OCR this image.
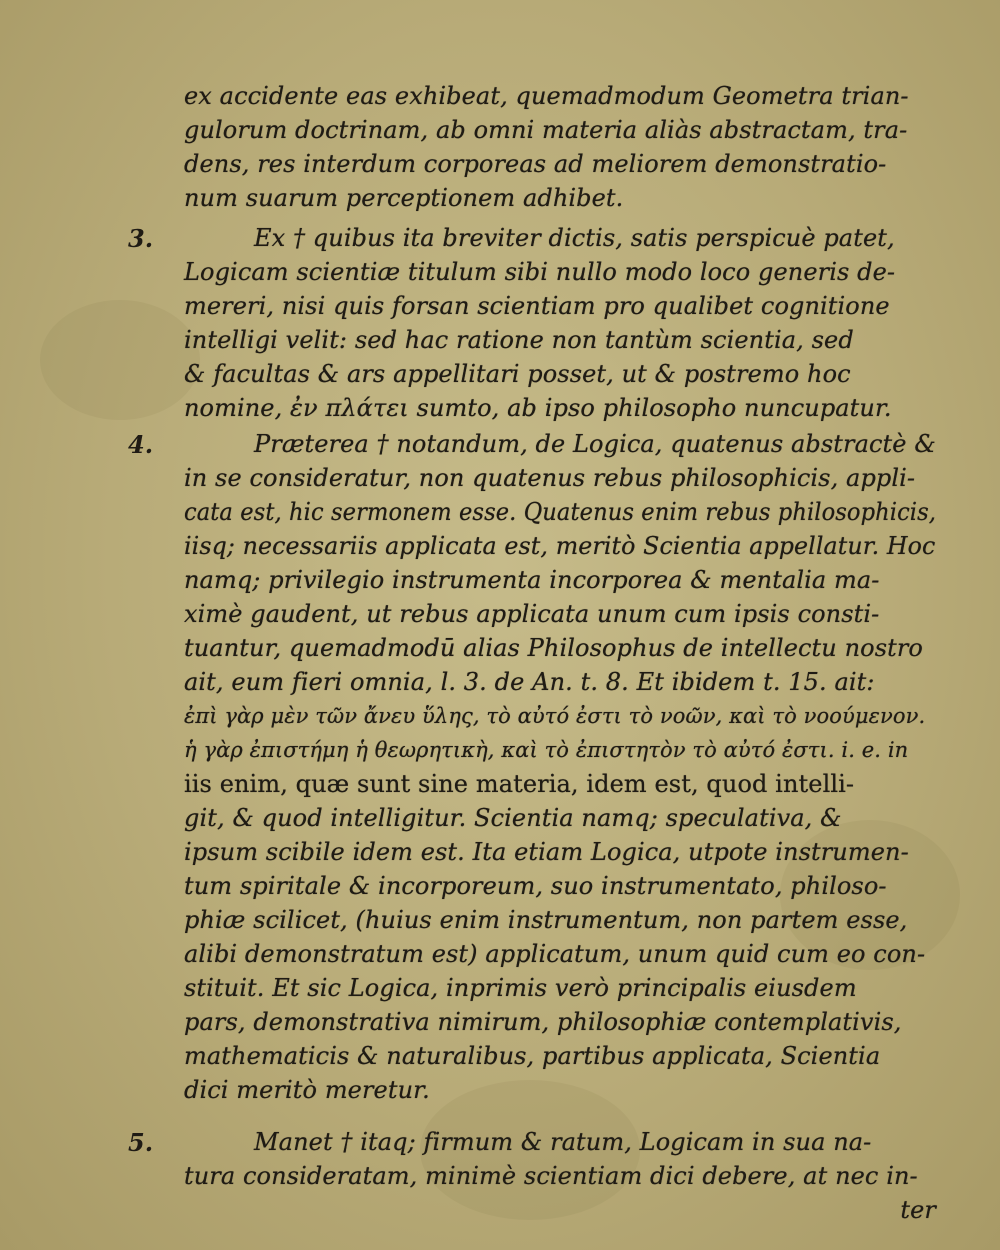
3.
4.
5.
ex accidente eas exhibeat, quemadmodum Geometra trian-
gulorum doctrinam, ab omni materia aliàs abstractam, tra-
dens, res interdum corporeas ad meliorem demonstratio-
num suarum perceptionem adhibet.
Ex † quibus ita breviter dictis, satis perspicuè patet,
Logicam scientiæ titulum sibi nullo modo loco generis de-
mereri, nisi quis forsan scientiam pro qualibet cognitione
intelligi velit: sed hac ratione non tantùm scientia, sed
& facultas & ars appellitari posset, ut & postremo hoc
nomine, ἐν πλάτει sumto, ab ipso philosopho nuncupatur.
Præterea † notandum, de Logica, quatenus abstractè &
in se consideratur, non quatenus rebus philosophicis, appli-
cata est, hic sermonem esse. Quatenus enim rebus philosophicis,
iisq; necessariis applicata est, meritò Scientia appellatur. Hoc
namq; privilegio instrumenta incorporea & mentalia ma-
ximè gaudent, ut rebus applicata unum cum ipsis consti-
tuantur, quemadmodū alias Philosophus de intellectu nostro
ait, eum fieri omnia, l. 3. de An. t. 8. Et ibidem t. 15. ait:
ἐπὶ γὰρ μὲν τῶν ἄνευ ὕλης, τὸ αὐτό ἐστι τὸ νοῶν, καὶ τὸ νοούμενον.
ἡ γὰρ ἐπιστήμη ἡ θεωρητικὴ, καὶ τὸ ἐπιστητὸν τὸ αὐτό ἐστι. i. e. in
iis enim, quæ sunt sine materia, idem est, quod intelli-
git, & quod intelligitur. Scientia namq; speculativa, &
ipsum scibile idem est. Ita etiam Logica, utpote instrumen-
tum spiritale & incorporeum, suo instrumentato, philoso-
phiæ scilicet, (huius enim instrumentum, non partem esse,
alibi demonstratum est) applicatum, unum quid cum eo con-
stituit. Et sic Logica, inprimis verò principalis eiusdem
pars, demonstrativa nimirum, philosophiæ contemplativis,
mathematicis & naturalibus, partibus applicata, Scientia
dici meritò meretur.
Manet † itaq; firmum & ratum, Logicam in sua na-
tura consideratam, minimè scientiam dici debere, at nec in-
ter
